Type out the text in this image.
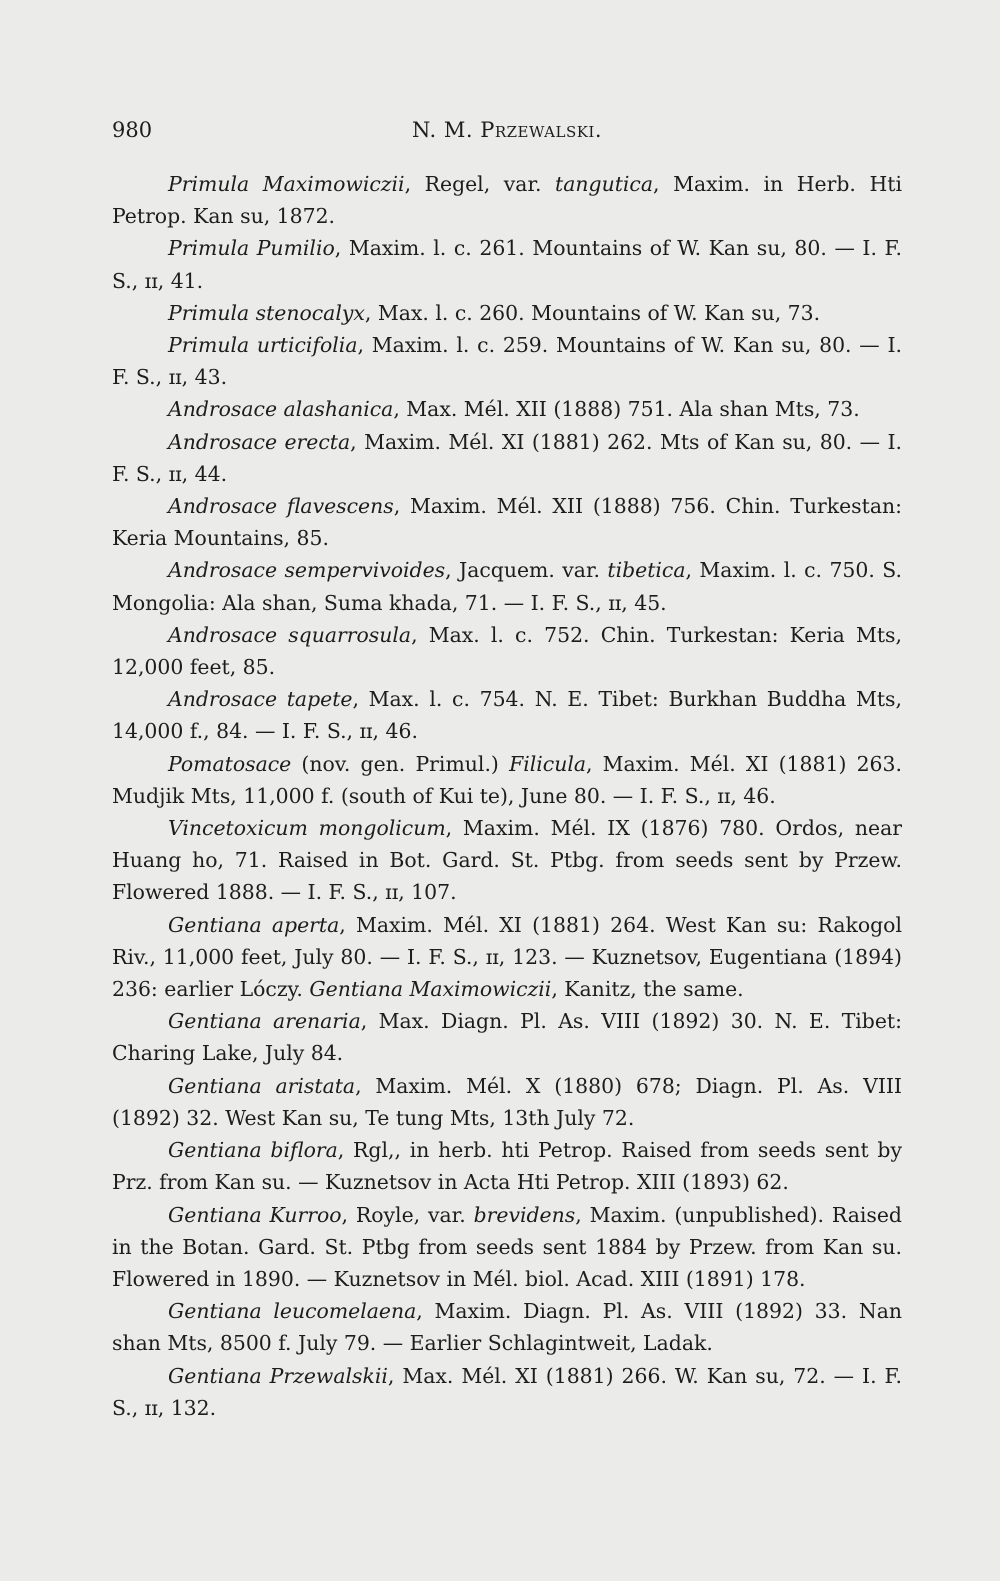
980	N. M. Przewalski.

Primula Maximowiczii, Regel, var. tangutica, Maxim. in Herb. Hti Petrop. Kan su, 1872.

Primula Pumilio, Maxim. l. c. 261. Mountains of W. Kan su, 80. — I. F. S., ɪɪ, 41.

Primula stenocalyx, Max. l. c. 260. Mountains of W. Kan su, 73.

Primula urticifolia, Maxim. l. c. 259. Mountains of W. Kan su, 80. — I. F. S., ɪɪ, 43.

Androsace alashanica, Max. Mél. XII (1888) 751. Ala shan Mts, 73.

Androsace erecta, Maxim. Mél. XI (1881) 262. Mts of Kan su, 80. — I. F. S., ɪɪ, 44.

Androsace flavescens, Maxim. Mél. XII (1888) 756. Chin. Turkestan: Keria Mountains, 85.

Androsace sempervivoides, Jacquem. var. tibetica, Maxim. l. c. 750. S. Mongolia: Ala shan, Suma khada, 71. — I. F. S., ɪɪ, 45.

Androsace squarrosula, Max. l. c. 752. Chin. Turkestan: Keria Mts, 12,000 feet, 85.

Androsace tapete, Max. l. c. 754. N. E. Tibet: Burkhan Buddha Mts, 14,000 f., 84. — I. F. S., ɪɪ, 46.

Pomatosace (nov. gen. Primul.) Filicula, Maxim. Mél. XI (1881) 263. Mudjik Mts, 11,000 f. (south of Kui te), June 80. — I. F. S., ɪɪ, 46.

Vincetoxicum mongolicum, Maxim. Mél. IX (1876) 780. Ordos, near Huang ho, 71. Raised in Bot. Gard. St. Ptbg. from seeds sent by Przew. Flowered 1888. — I. F. S., ɪɪ, 107.

Gentiana aperta, Maxim. Mél. XI (1881) 264. West Kan su: Rakogol Riv., 11,000 feet, July 80. — I. F. S., ɪɪ, 123. — Kuznetsov, Eugentiana (1894) 236: earlier Lóczy. Gentiana Maximowiczii, Kanitz, the same.

Gentiana arenaria, Max. Diagn. Pl. As. VIII (1892) 30. N. E. Tibet: Charing Lake, July 84.

Gentiana aristata, Maxim. Mél. X (1880) 678; Diagn. Pl. As. VIII (1892) 32. West Kan su, Te tung Mts, 13th July 72.

Gentiana biflora, Rgl,, in herb. hti Petrop. Raised from seeds sent by Prz. from Kan su. — Kuznetsov in Acta Hti Petrop. XIII (1893) 62.

Gentiana Kurroo, Royle, var. brevidens, Maxim. (unpublished). Raised in the Botan. Gard. St. Ptbg from seeds sent 1884 by Przew. from Kan su. Flowered in 1890. — Kuznetsov in Mél. biol. Acad. XIII (1891) 178.

Gentiana leucomelaena, Maxim. Diagn. Pl. As. VIII (1892) 33. Nan shan Mts, 8500 f. July 79. — Earlier Schlagintweit, Ladak.

Gentiana Przewalskii, Max. Mél. XI (1881) 266. W. Kan su, 72. — I. F. S., ɪɪ, 132.
